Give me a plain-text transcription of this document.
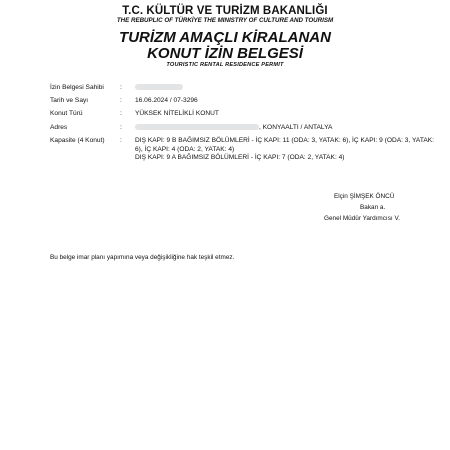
T.C. KÜLTÜR VE TURİZM BAKANLIĞI
THE REBUPLIC OF TÜRKİYE THE MINISTRY OF CULTURE AND TOURISM
TURİZM AMAÇLI KİRALANAN
KONUT İZİN BELGESİ
TOURISTIC RENTAL RESIDENCE PERMIT
İzin Belgesi Sahibi	:
Tarih ve Sayı	: 16.06.2024 / 07-3296
Konut Türü	: YÜKSEK NİTELİKLİ KONUT
Adres	:	, KONYAALTI / ANTALYA
Kapasite (4 Konut)	: DIŞ KAPI: 9 B BAĞIMSIZ BÖLÜMLERİ - İÇ KAPI: 11 (ODA: 3, YATAK: 6), İÇ KAPI: 9 (ODA: 3, YATAK: 6), İÇ KAPI: 4 (ODA: 2, YATAK: 4)
DIŞ KAPI: 9 A BAĞIMSIZ BÖLÜMLERİ - İÇ KAPI: 7 (ODA: 2, YATAK: 4)
Elçin ŞİMŞEK ÖNCÜ
Bakan a.
Genel Müdür Yardımcısı V.
Bu belge imar planı yapımına veya değişikliğine hak teşkil etmez.
